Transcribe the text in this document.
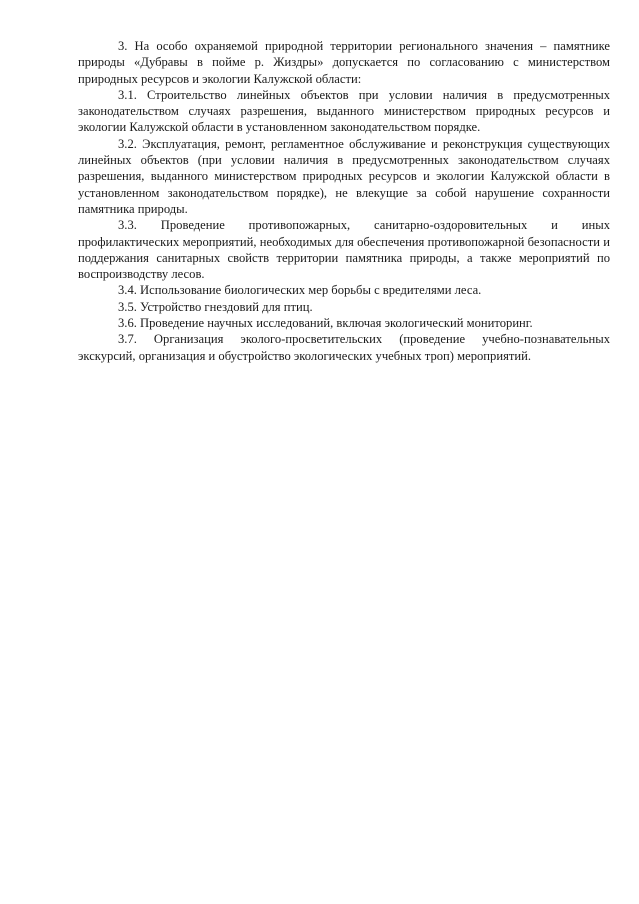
3. На особо охраняемой природной территории регионального значения – памятнике природы «Дубравы в пойме р. Жиздры» допускается по согласованию с министерством природных ресурсов и экологии Калужской области:

3.1. Строительство линейных объектов при условии наличия в предусмотренных законодательством случаях разрешения, выданного министерством природных ресурсов и экологии Калужской области в установленном законодательством порядке.

3.2. Эксплуатация, ремонт, регламентное обслуживание и реконструкция существующих линейных объектов (при условии наличия в предусмотренных законодательством случаях разрешения, выданного министерством природных ресурсов и экологии Калужской области в установленном законодательством порядке), не влекущие за собой нарушение сохранности памятника природы.

3.3. Проведение противопожарных, санитарно-оздоровительных и иных профилактических мероприятий, необходимых для обеспечения противопожарной безопасности и поддержания санитарных свойств территории памятника природы, а также мероприятий по воспроизводству лесов.

3.4. Использование биологических мер борьбы с вредителями леса.

3.5. Устройство гнездовий для птиц.

3.6. Проведение научных исследований, включая экологический мониторинг.

3.7. Организация эколого-просветительских (проведение учебно-познавательных экскурсий, организация и обустройство экологических учебных троп) мероприятий.
